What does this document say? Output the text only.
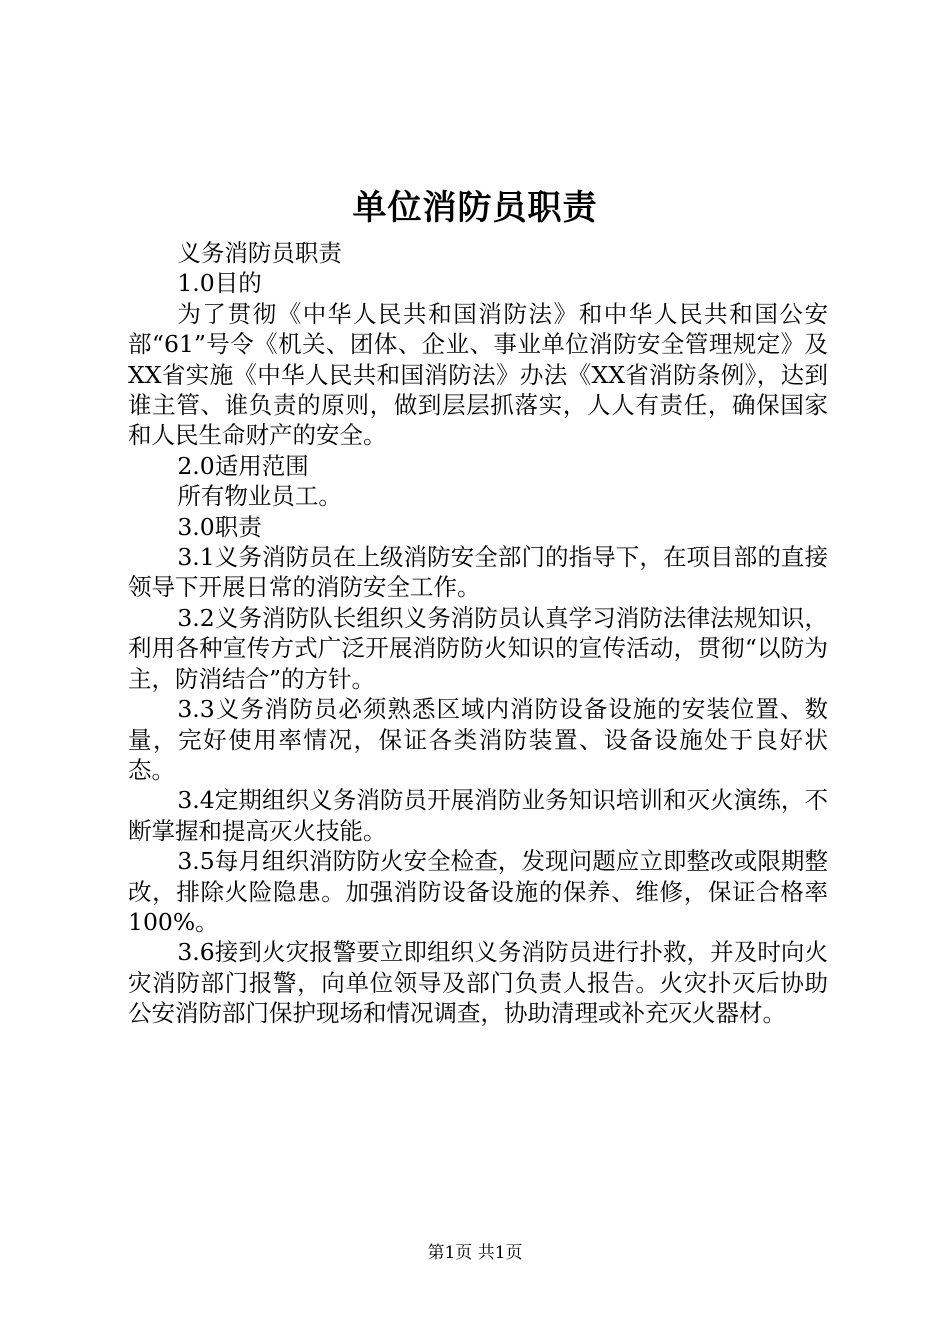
单位消防员职责

义务消防员职责

1.0目的

为了贯彻《中华人民共和国消防法》和中华人民共和国公安部“61”号令《机关、团体、企业、事业单位消防安全管理规定》及XX省实施《中华人民共和国消防法》办法《XX省消防条例》，达到谁主管、谁负责的原则，做到层层抓落实，人人有责任，确保国家和人民生命财产的安全。

2.0适用范围

所有物业员工。

3.0职责

3.1义务消防员在上级消防安全部门的指导下，在项目部的直接领导下开展日常的消防安全工作。

3.2义务消防队长组织义务消防员认真学习消防法律法规知识，利用各种宣传方式广泛开展消防防火知识的宣传活动，贯彻“以防为主，防消结合”的方针。

3.3义务消防员必须熟悉区域内消防设备设施的安装位置、数量，完好使用率情况，保证各类消防装置、设备设施处于良好状态。

3.4定期组织义务消防员开展消防业务知识培训和灭火演练，不断掌握和提高灭火技能。

3.5每月组织消防防火安全检查，发现问题应立即整改或限期整改，排除火险隐患。加强消防设备设施的保养、维修，保证合格率100%。

3.6接到火灾报警要立即组织义务消防员进行扑救，并及时向火灾消防部门报警，向单位领导及部门负责人报告。火灾扑灭后协助公安消防部门保护现场和情况调查，协助清理或补充灭火器材。

第1页 共1页
